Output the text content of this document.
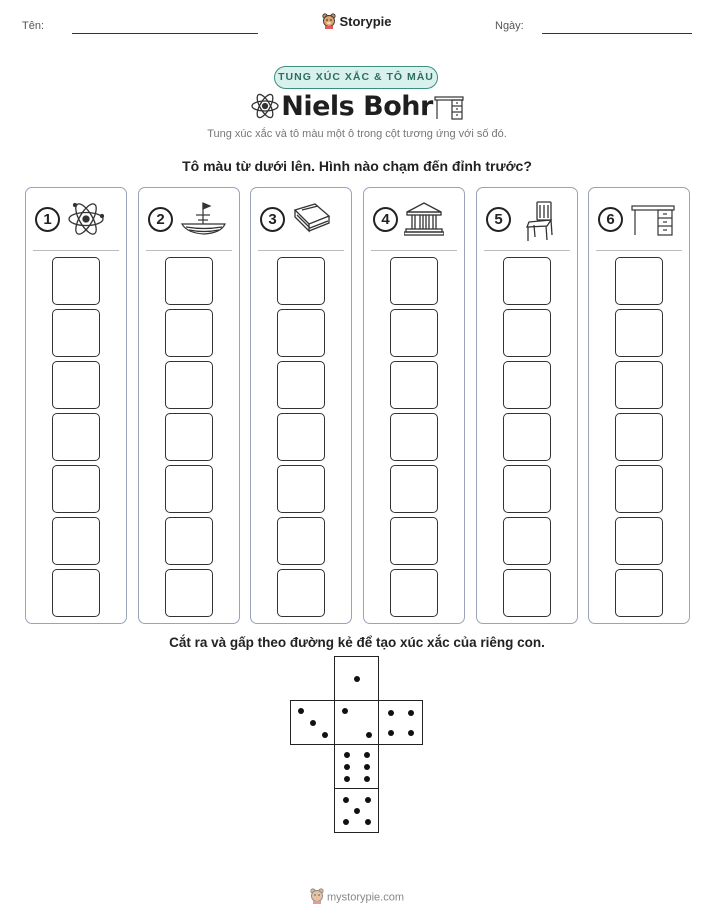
Tên:	Storypie	Ngày:
TUNG XÚC XẮC & TÔ MÀU
Niels Bohr
Tung xúc xắc và tô màu một ô trong cột tương ứng với số đó.
Tô màu từ dưới lên. Hình nào chạm đến đỉnh trước?
1	2	3	4	5	6
Cắt ra và gấp theo đường kẻ để tạo xúc xắc của riêng con.
mystorypie.com
